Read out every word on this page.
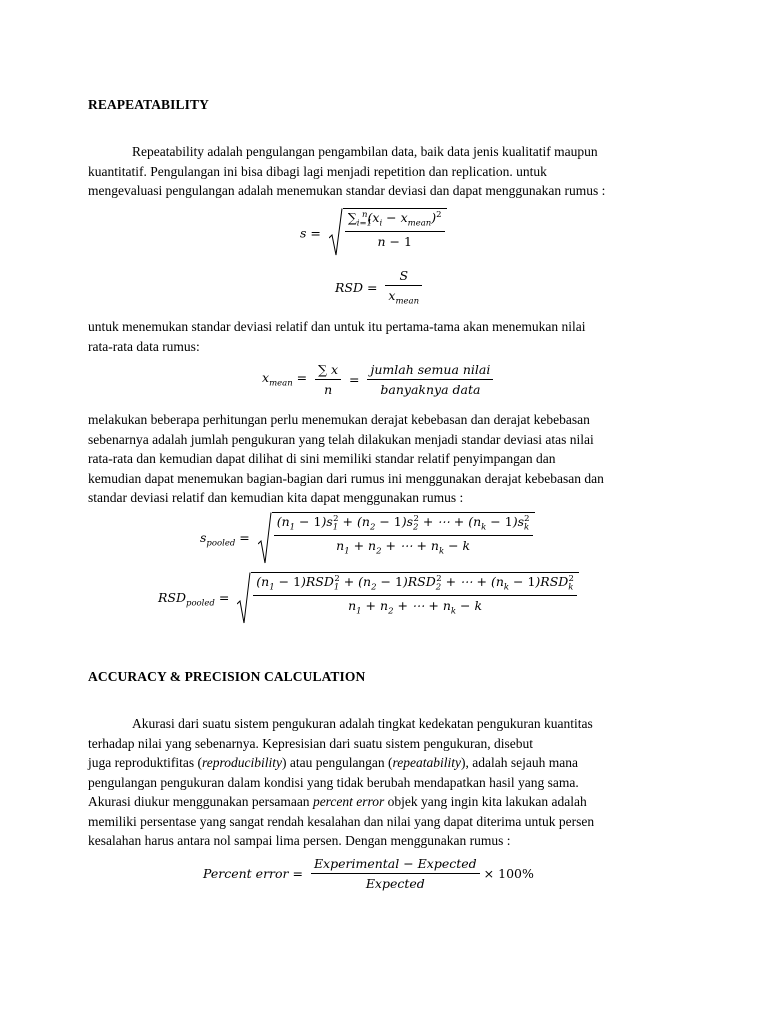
REAPEATABILITY
Repeatability adalah pengulangan pengambilan data, baik data jenis kualitatif maupun
kuantitatif. Pengulangan ini bisa dibagi lagi menjadi repetition dan replication. untuk
mengevaluasi pengulangan adalah menemukan standar deviasi dan dapat menggunakan rumus :
$s = \frac{\sum_{i=1}^n(x_i - x_{mean})^2}{n - 1}$
RSD = $\frac{S}{x_{mean}}$
untuk menemukan standar deviasi relatif dan untuk itu pertama-tama akan menemukan nilai
rata-rata data rumus:
$x_{mean} = \frac{\sum x}{n} = \frac{\text{jumlah semua nilai}}{\text{banyaknya data}}$
melakukan beberapa perhitungan perlu menemukan derajat kebebasan dan derajat kebebasan
sebenarnya adalah jumlah pengukuran yang telah dilakukan menjadi standar deviasi atas nilai
rata-rata dan kemudian dapat dilihat di sini memiliki standar relatif penyimpangan dan
kemudian dapat menemukan bagian-bagian dari rumus ini menggunakan derajat kebebasan dan
standar deviasi relatif dan kemudian kita dapat menggunakan rumus :
$s_{pooled} = \frac{(n_1 - 1)s_1^2 + (n_2 - 1)s_2^2 + \cdots + (n_k - 1)s_k^2}{n_1 + n_2 + \cdots + n_k - k}$
$RSD_{pooled} = \frac{(n_1 - 1)RSD_1^2 + (n_2 - 1)RSD_2^2 + \cdots + (n_k - 1)RSD_k^2}{n_1 + n_2 + \cdots + n_k - k}$
ACCURACY & PRECISION CALCULATION
Akurasi dari suatu sistem pengukuran adalah tingkat kedekatan pengukuran kuantitas
terhadap nilai yang sebenarnya. Kepresisian dari suatu sistem pengukuran, disebut
juga reproduktifitas (reproducibility) atau pengulangan (repeatability), adalah sejauh mana
pengulangan pengukuran dalam kondisi yang tidak berubah mendapatkan hasil yang sama.
Akurasi diukur menggunakan persamaan percent error objek yang ingin kita lakukan adalah
memiliki persentase yang sangat rendah kesalahan dan nilai yang dapat diterima untuk persen
kesalahan harus antara nol sampai lima persen. Dengan menggunakan rumus :
Percent error = $\frac{\text{Experimental − Expected}}{\text{Expected}} \times 100\%$
